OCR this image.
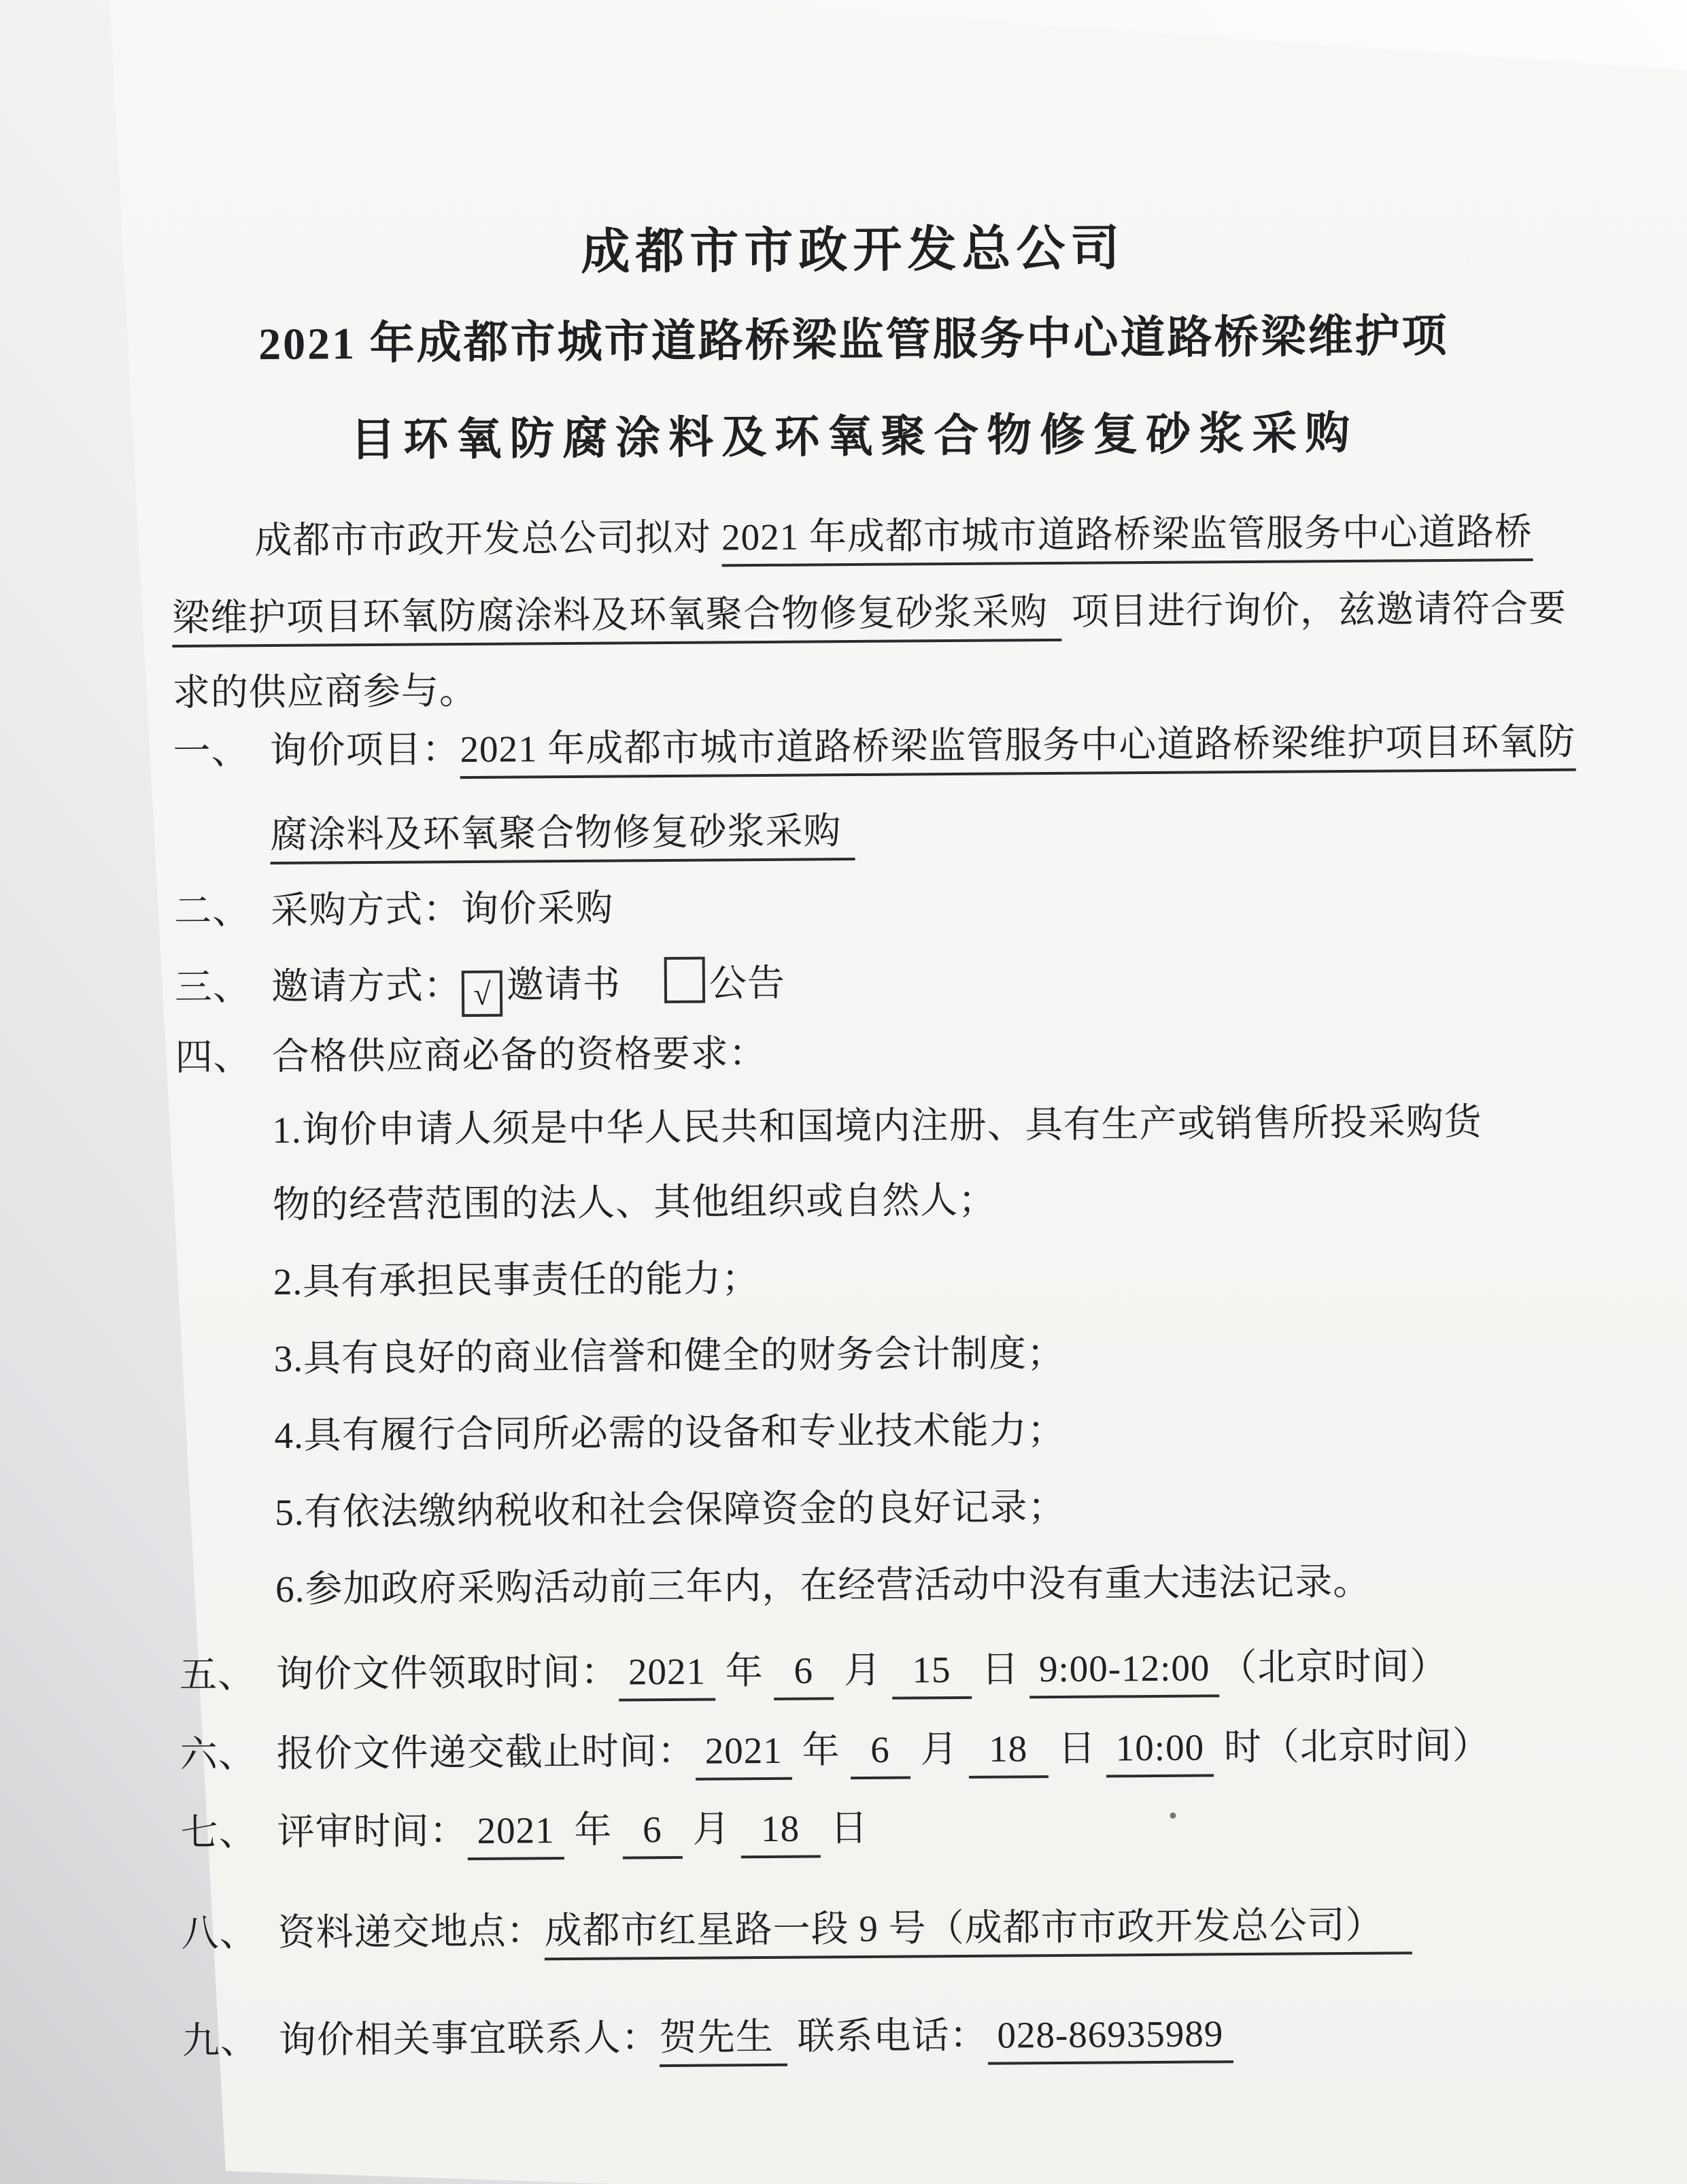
成都市市政开发总公司
2021 年成都市城市道路桥梁监管服务中心道路桥梁维护项
目环氧防腐涂料及环氧聚合物修复砂浆采购
成都市市政开发总公司拟对 2021 年成都市城市道路桥梁监管服务中心道路桥
梁维护项目环氧防腐涂料及环氧聚合物修复砂浆采购 项目进行询价，兹邀请符合要
求的供应商参与。
一、 询价项目：2021 年成都市城市道路桥梁监管服务中心道路桥梁维护项目环氧防
腐涂料及环氧聚合物修复砂浆采购
二、 采购方式：询价采购
三、 邀请方式： √ 邀请书 公告
四、 合格供应商必备的资格要求：
1.询价申请人须是中华人民共和国境内注册、具有生产或销售所投采购货
物的经营范围的法人、其他组织或自然人；
2.具有承担民事责任的能力；
3.具有良好的商业信誉和健全的财务会计制度；
4.具有履行合同所必需的设备和专业技术能力；
5.有依法缴纳税收和社会保障资金的良好记录；
6.参加政府采购活动前三年内，在经营活动中没有重大违法记录。
五、 询价文件领取时间： 2021 年 6 月 15 日 9:00-12:00 （北京时间）
六、 报价文件递交截止时间： 2021 年 6 月 18 日 10:00 时（北京时间）
七、 评审时间： 2021 年 6 月 18 日
八、 资料递交地点：成都市红星路一段 9 号（成都市市政开发总公司）
九、 询价相关事宜联系人：贺先生 联系电话： 028-86935989
